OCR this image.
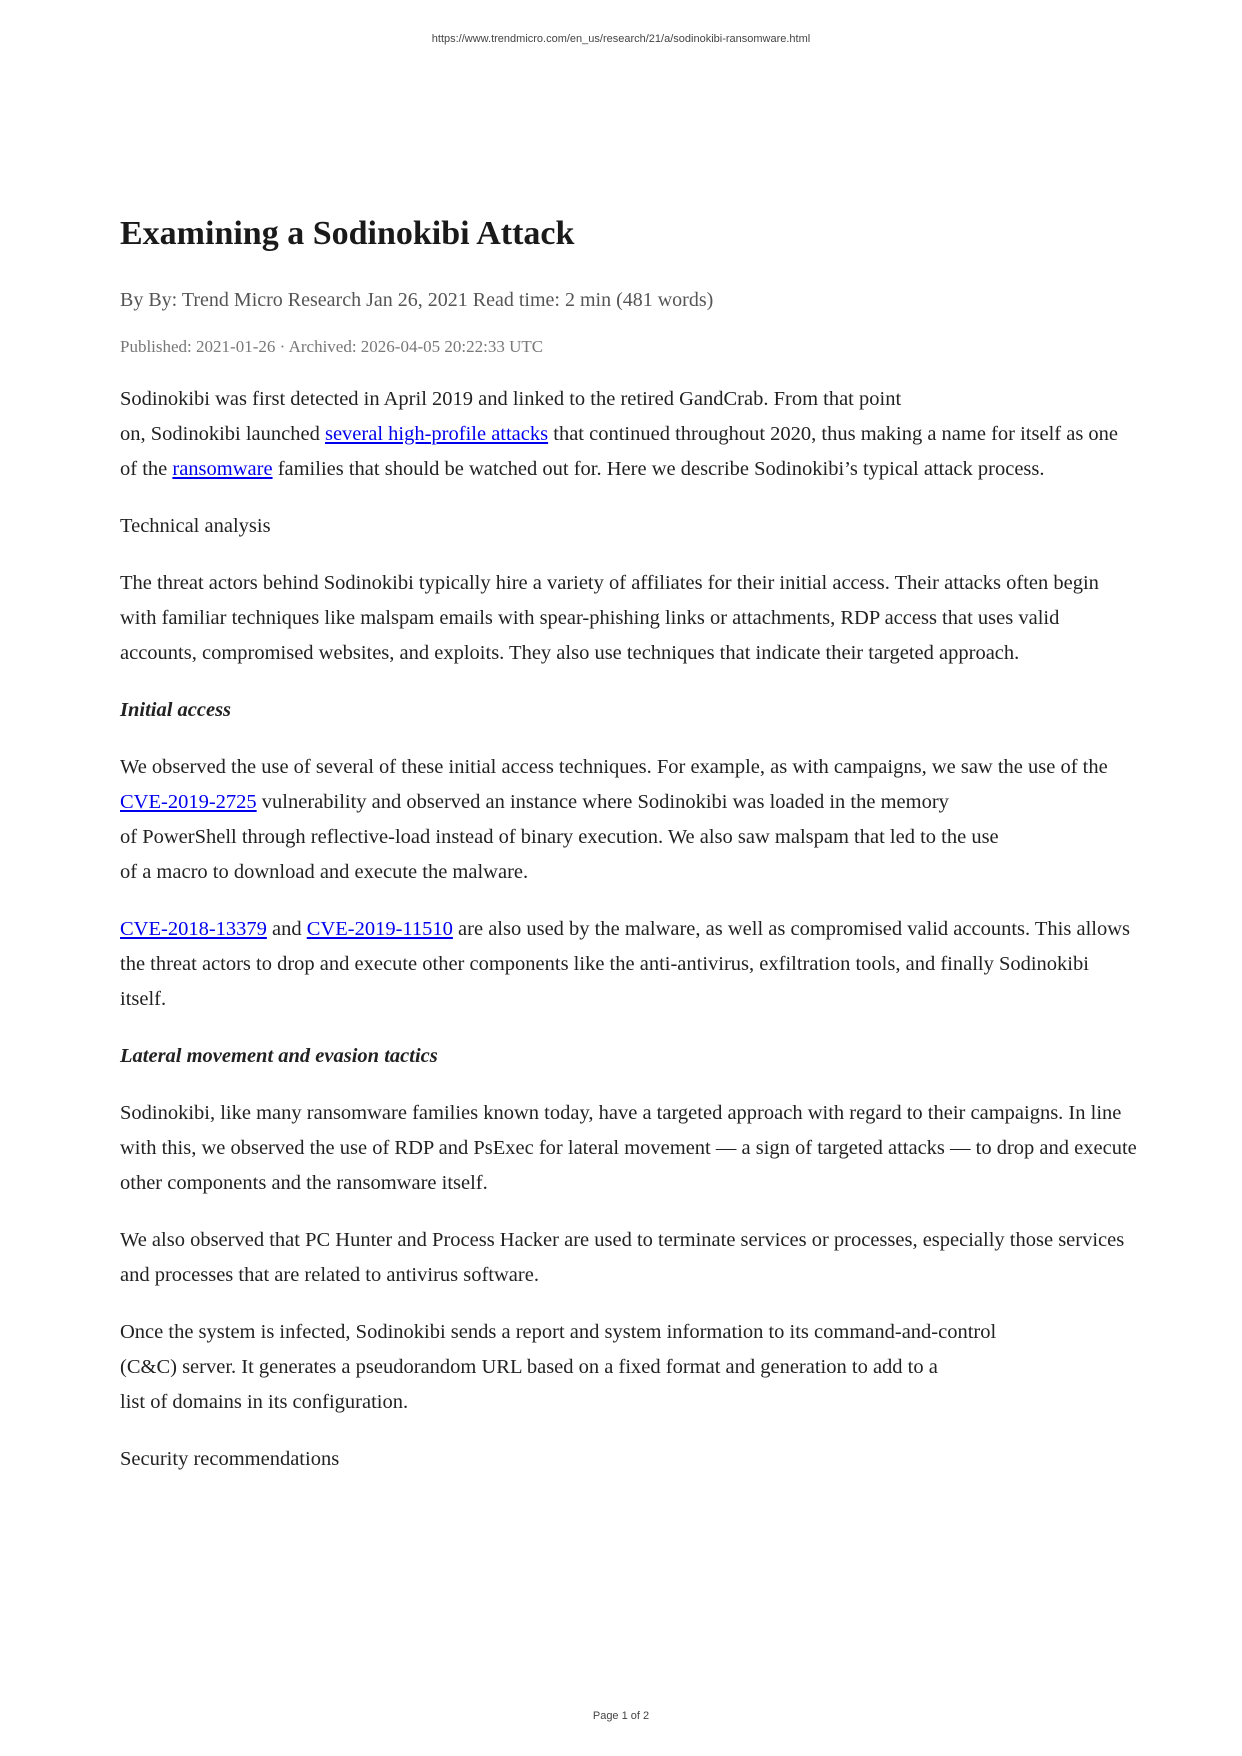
https://www.trendmicro.com/en_us/research/21/a/sodinokibi-ransomware.html
Examining a Sodinokibi Attack
By By: Trend Micro Research Jan 26, 2021 Read time: 2 min (481 words)
Published: 2021-01-26 · Archived: 2026-04-05 20:22:33 UTC

Sodinokibi was first detected in April 2019 and linked to the retired GandCrab. From that point
on, Sodinokibi launched several high-profile attacks that continued throughout 2020, thus making a name for itself as one of the ransomware families that should be watched out for. Here we describe Sodinokibi’s typical attack process.

Technical analysis

The threat actors behind Sodinokibi typically hire a variety of affiliates for their initial access. Their attacks often begin with familiar techniques like malspam emails with spear-phishing links or attachments, RDP access that uses valid accounts, compromised websites, and exploits. They also use techniques that indicate their targeted approach.

Initial access

We observed the use of several of these initial access techniques. For example, as with campaigns, we saw the use of the CVE-2019-2725 vulnerability and observed an instance where Sodinokibi was loaded in the memory
of PowerShell through reflective-load instead of binary execution. We also saw malspam that led to the use
of a macro to download and execute the malware.

CVE-2018-13379 and CVE-2019-11510 are also used by the malware, as well as compromised valid accounts. This allows the threat actors to drop and execute other components like the anti-antivirus, exfiltration tools, and finally Sodinokibi itself.

Lateral movement and evasion tactics

Sodinokibi, like many ransomware families known today, have a targeted approach with regard to their campaigns. In line with this, we observed the use of RDP and PsExec for lateral movement — a sign of targeted attacks — to drop and execute other components and the ransomware itself.

We also observed that PC Hunter and Process Hacker are used to terminate services or processes, especially those services and processes that are related to antivirus software.

Once the system is infected, Sodinokibi sends a report and system information to its command-and-control
(C&C) server. It generates a pseudorandom URL based on a fixed format and generation to add to a
list of domains in its configuration.

Security recommendations

Page 1 of 2
